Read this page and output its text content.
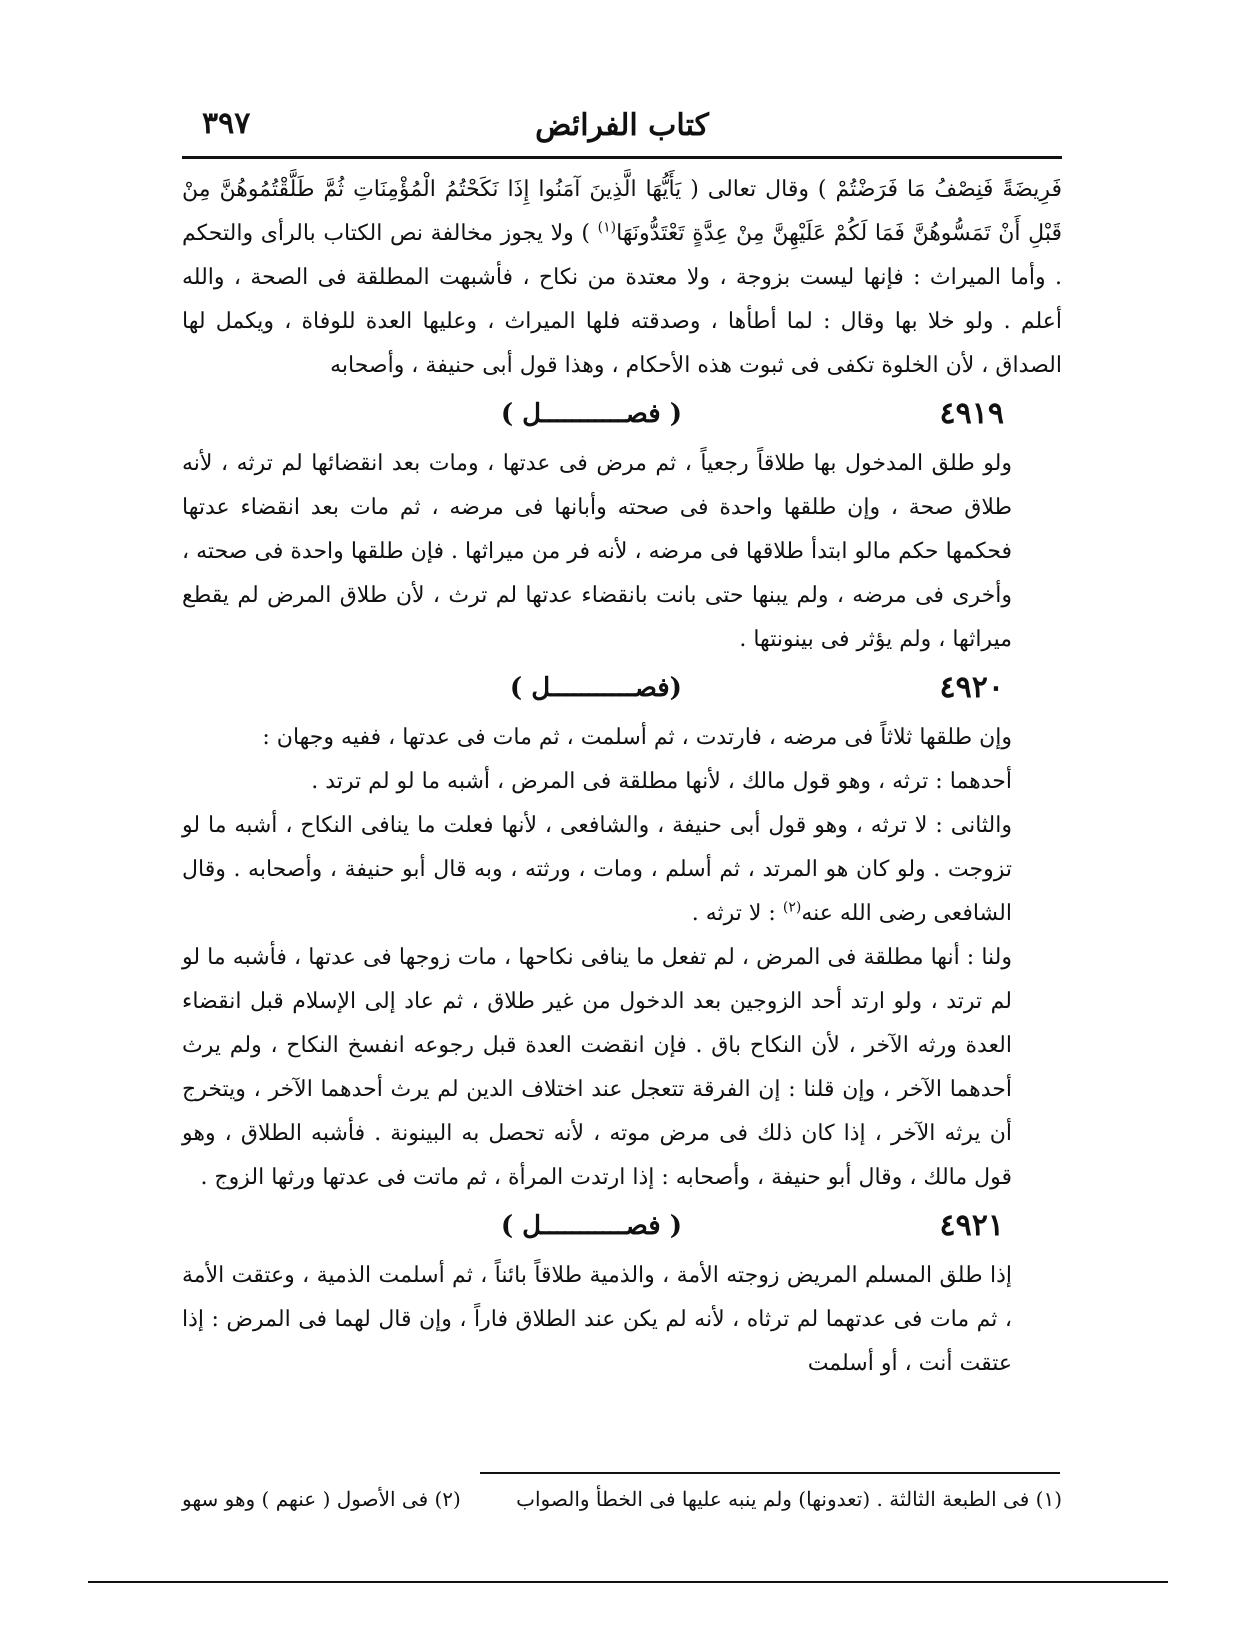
كتاب الفرائض
٣٩٧

فَرِيضَةً فَنِصْفُ مَا فَرَضْتُمْ ) وقال تعالى ( يَأَيُّهَا الَّذِينَ آمَنُوا إِذَا نَكَحْتُمُ الْمُؤْمِنَاتِ ثُمَّ طَلَّقْتُمُوهُنَّ مِنْ قَبْلِ أَنْ تَمَسُّوهُنَّ فَمَا لَكُمْ عَلَيْهِنَّ مِنْ عِدَّةٍ تَعْتَدُّونَهَا$^{(١)}$ ) ولا يجوز مخالفة نص الكتاب بالرأى والتحكم . وأما الميراث : فإنها ليست بزوجة ، ولا معتدة من نكاح ، فأشبهت المطلقة فى الصحة ، والله أعلم . ولو خلا بها وقال : لما أطأها ، وصدقته فلها الميراث ، وعليها العدة للوفاة ، ويكمل لها الصداق ، لأن الخلوة تكفى فى ثبوت هذه الأحكام ، وهذا قول أبى حنيفة ، وأصحابه

٤٩١٩
( فصـــــــــــل )

ولو طلق المدخول بها طلاقاً رجعياً ، ثم مرض فى عدتها ، ومات بعد انقضائها لم ترثه ، لأنه طلاق صحة ، وإن طلقها واحدة فى صحته وأبانها فى مرضه ، ثم مات بعد انقضاء عدتها فحكمها حكم مالو ابتدأ طلاقها فى مرضه ، لأنه فر من ميراثها . فإن طلقها واحدة فى صحته ، وأخرى فى مرضه ، ولم يبنها حتى بانت بانقضاء عدتها لم ترث ، لأن طلاق المرض لم يقطع ميراثها ، ولم يؤثر فى بينونتها .

٤٩٢٠
(فصـــــــــــل )

وإن طلقها ثلاثاً فى مرضه ، فارتدت ، ثم أسلمت ، ثم مات فى عدتها ، ففيه وجهان :

أحدهما : ترثه ، وهو قول مالك ، لأنها مطلقة فى المرض ، أشبه ما لو لم ترتد .

والثانى : لا ترثه ، وهو قول أبى حنيفة ، والشافعى ، لأنها فعلت ما ينافى النكاح ، أشبه ما لو تزوجت . ولو كان هو المرتد ، ثم أسلم ، ومات ، ورثته ، وبه قال أبو حنيفة ، وأصحابه . وقال الشافعى رضى الله عنه$^{(٢)}$ : لا ترثه .

ولنا : أنها مطلقة فى المرض ، لم تفعل ما ينافى نكاحها ، مات زوجها فى عدتها ، فأشبه ما لو لم ترتد ، ولو ارتد أحد الزوجين بعد الدخول من غير طلاق ، ثم عاد إلى الإسلام قبل انقضاء العدة ورثه الآخر ، لأن النكاح باق . فإن انقضت العدة قبل رجوعه انفسخ النكاح ، ولم يرث أحدهما الآخر ، وإن قلنا : إن الفرقة تتعجل عند اختلاف الدين لم يرث أحدهما الآخر ، ويتخرج أن يرثه الآخر ، إذا كان ذلك فى مرض موته ، لأنه تحصل به البينونة . فأشبه الطلاق ، وهو قول مالك ، وقال أبو حنيفة ، وأصحابه : إذا ارتدت المرأة ، ثم ماتت فى عدتها ورثها الزوج .

٤٩٢١
( فصـــــــــــل )

إذا طلق المسلم المريض زوجته الأمة ، والذمية طلاقاً بائناً ، ثم أسلمت الذمية ، وعتقت الأمة ، ثم مات فى عدتهما لم ترثاه ، لأنه لم يكن عند الطلاق فاراً ، وإن قال لهما فى المرض : إذا عتقت أنت ، أو أسلمت

(١) فى الطبعة الثالثة . (تعدونها) ولم ينبه عليها فى الخطأ والصواب
(٢) فى الأصول ( عنهم ) وهو سهو
